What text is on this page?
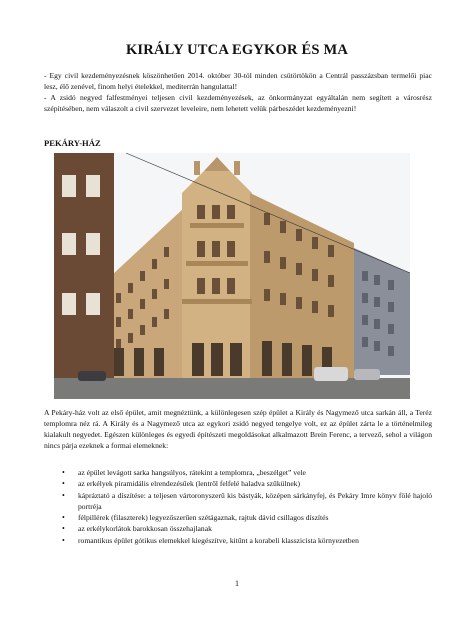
KIRÁLY UTCA EGYKOR ÉS MA

- Egy civil kezdeményezésnek köszönhetően 2014. október 30-tól minden csütörtökön a Centrál passzázsban termelői piac lesz, élő zenével, finom helyi ételekkel, mediterrán hangulattal!

- A zsidó negyed falfestményei teljesen civil kezdeményezések, az önkormányzat egyáltalán nem segített a városrész szépítésében, nem válaszolt a civil szervezet leveleire, nem lehetett velük párbeszédet kezdeményezni!

PEKÁRY-HÁZ

A Pekáry-ház volt az első épület, amit megnéztünk, a különlegesen szép épület a Király és Nagymező utca sarkán áll, a Teréz templomra néz rá. A Király és a Nagymező utca az egykori zsidó negyed tengelye volt, ez az épület zárta le a történelmileg kialakult negyedet. Egészen különleges és egyedi építészeti megoldásokat alkalmazott Brein Ferenc, a tervező, sehol a világon nincs párja ezeknek a formai elemeknek:

• az épület levágott sarka hangsúlyos, rátekint a templomra, „beszélget” vele
• az erkélyek piramidális elrendezésűek (lentről felfelé haladva szűkülnek)
• kápráztató a díszítése: a teljesen vártoronyszerű kis bástyák, középen sárkányfej, és Pekáry Imre könyv fölé hajoló portréja
• félpillérek (filaszterek) legyezőszerűen szétágaznak, rajtuk dávid csillagos díszítés
• az erkélykorlátok barokkosan összehajlanak
• romantikus épület gótikus elemekkel kiegészítve, kitűnt a korabeli klasszicista környezetben
1
